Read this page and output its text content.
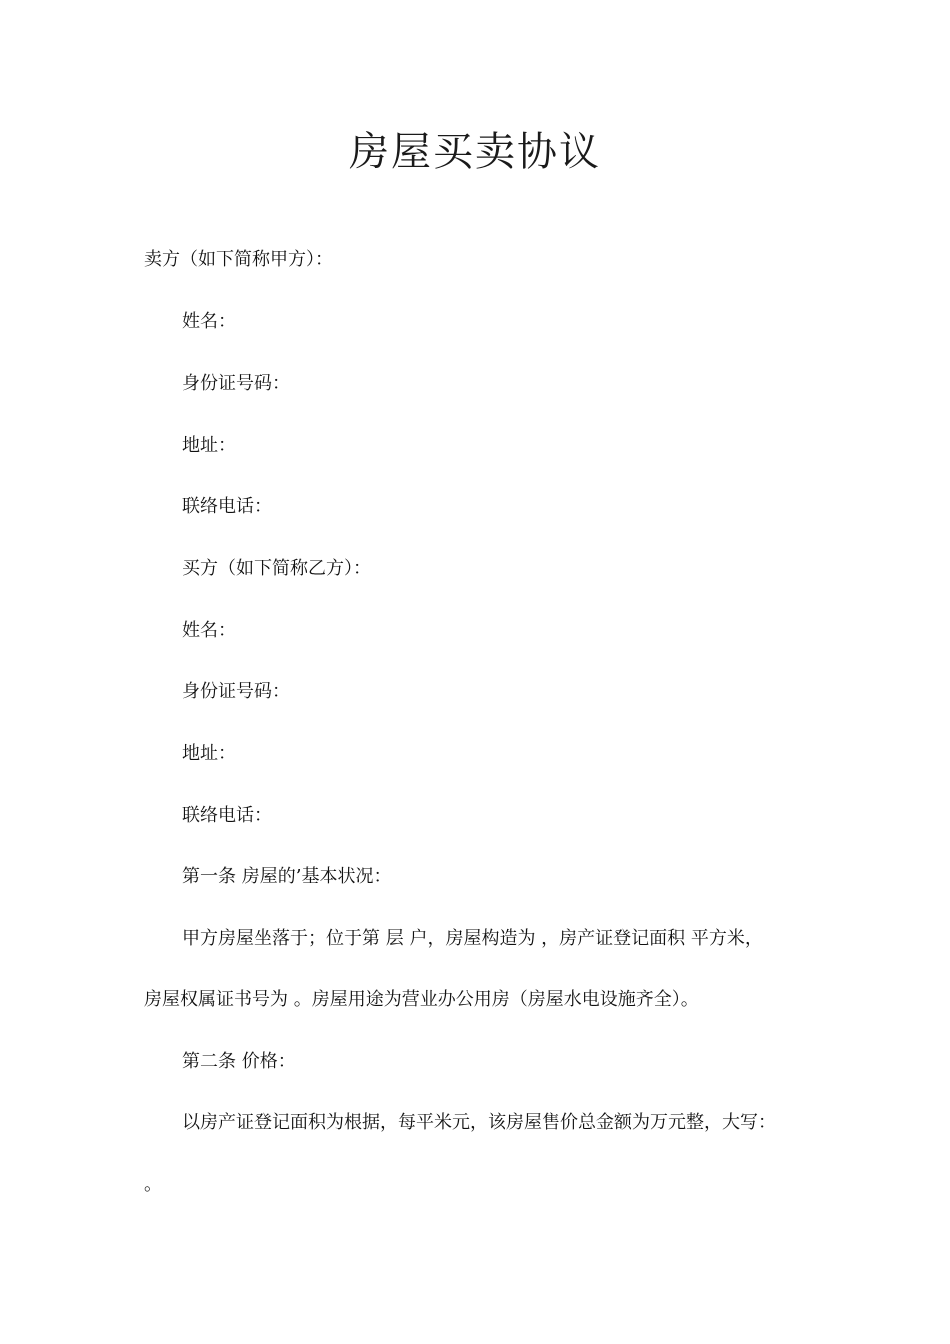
房屋买卖协议
卖方（如下简称甲方）：
姓名：
身份证号码：
地址：
联络电话：
买方（如下简称乙方）：
姓名：
身份证号码：
地址：
联络电话：
第一条 房屋的’基本状况：
甲方房屋坐落于；位于第 层 户，房屋构造为 ，房产证登记面积 平方米，
房屋权属证书号为 。房屋用途为营业办公用房（房屋水电设施齐全）。
第二条 价格：
以房产证登记面积为根据，每平米元，该房屋售价总金额为万元整，大写：
。
